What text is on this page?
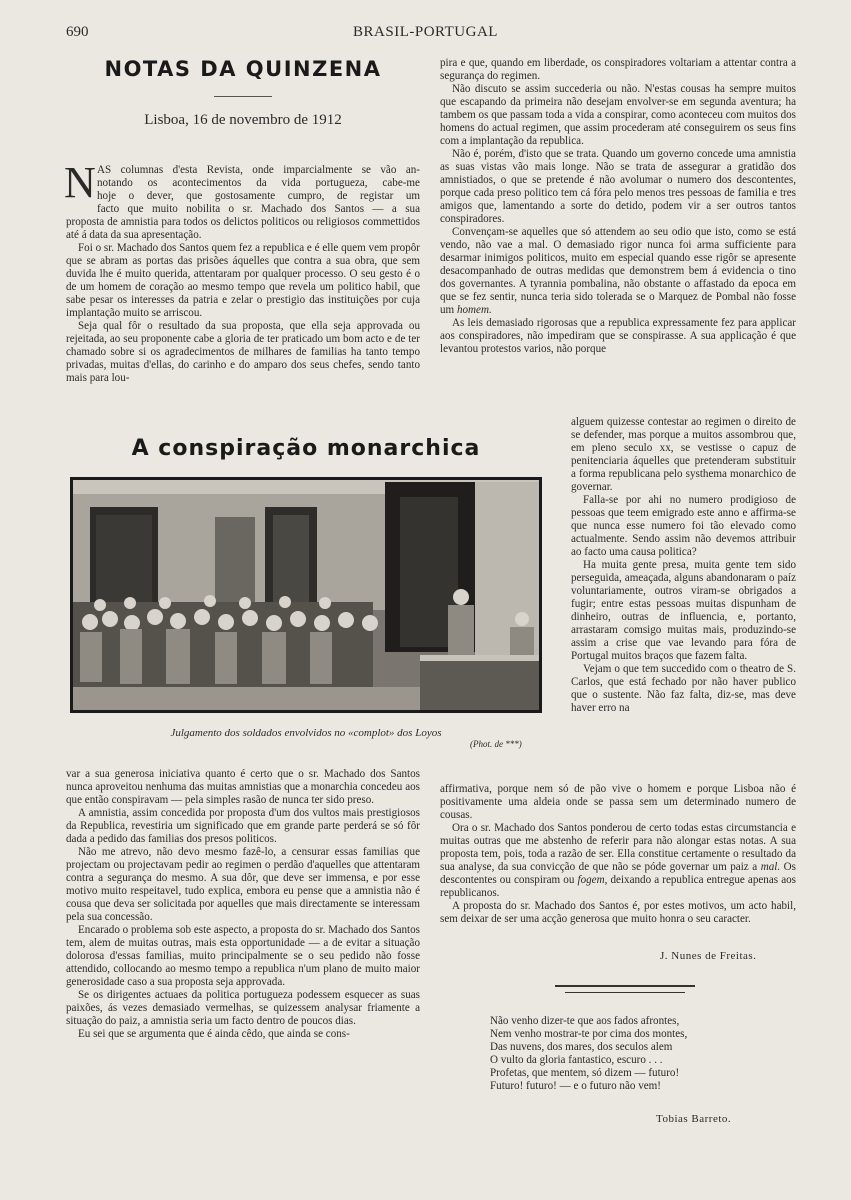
690	BRASIL-PORTUGAL
NOTAS DA QUINZENA
Lisboa, 16 de novembro de 1912
N AS columnas d'esta Revista, onde imparcialmente se vão an-
notando os acontecimentos da vida portugueza, cabe-me
hoje o dever, que gostosamente cumpro, de registar um
facto que muito nobilita o sr. Machado dos Santos — a sua

proposta de amnistia para todos os delictos politicos ou religiosos commettidos até á data da sua apresentação.

Foi o sr. Machado dos Santos quem fez a republica e é elle quem vem propôr que se abram as portas das prisões áquelles que contra a sua obra, que sem duvida lhe é muito querida, attentaram por qualquer processo. O seu gesto é o de um homem de coração ao mesmo tempo que revela um politico habil, que sabe pesar os interesses da patria e zelar o prestigio das instituições por cuja implantação muito se arriscou.

Seja qual fôr o resultado da sua proposta, que ella seja approvada ou rejeitada, ao seu proponente cabe a gloria de ter praticado um bom acto e de ter chamado sobre si os agradecimentos de milhares de familias ha tanto tempo privadas, muitas d'ellas, do carinho e do amparo dos seus chefes, sendo tanto mais para lou-

A conspiração monarchica
Julgamento dos soldados envolvidos no «complot» dos Loyos
(Phot. de ***)

var a sua generosa iniciativa quanto é certo que o sr. Machado dos Santos nunca aproveitou nenhuma das muitas amnistias que a monarchia concedeu aos que então conspiravam — pela simples rasão de nunca ter sido preso.

A amnistia, assim concedida por proposta d'um dos vultos mais prestigiosos da Republica, revestiria um significado que em grande parte perderá se só fôr dada a pedido das familias dos presos politicos.

Não me atrevo, não devo mesmo fazê-lo, a censurar essas familias que projectam ou projectavam pedir ao regimen o perdão d'aquelles que attentaram contra a segurança do mesmo. A sua dôr, que deve ser immensa, e por esse motivo muito respeitavel, tudo explica, embora eu pense que a amnistia não é cousa que deva ser solicitada por aquelles que mais directamente se interessam pela sua concessão.

Encarado o problema sob este aspecto, a proposta do sr. Machado dos Santos tem, alem de muitas outras, mais esta opportunidade — a de evitar a situação dolorosa d'essas familias, muito principalmente se o seu pedido não fosse attendido, collocando ao mesmo tempo a republica n'um plano de muito maior generosidade caso a sua proposta seja approvada.

Se os dirigentes actuaes da politica portugueza podessem esquecer as suas paixões, ás vezes demasiado vermelhas, se quizessem analysar friamente a situação do paiz, a amnistia seria um facto dentro de poucos dias.

Eu sei que se argumenta que é ainda cêdo, que ainda se cons-

pira e que, quando em liberdade, os conspiradores voltariam a attentar contra a segurança do regimen.

Não discuto se assim succederia ou não. N'estas cousas ha sempre muitos que escapando da primeira não desejam envolver-se em segunda aventura; ha tambem os que passam toda a vida a conspirar, como aconteceu com muitos dos homens do actual regimen, que assim procederam até conseguirem os seus fins com a implantação da republica.

Não é, porém, d'isto que se trata. Quando um governo concede uma amnistia as suas vistas vão mais longe. Não se trata de assegurar a gratidão dos amnistiados, o que se pretende é não avolumar o numero dos descontentes, porque cada preso politico tem cá fóra pelo menos tres pessoas de familia e tres amigos que, lamentando a sorte do detido, podem vir a ser outros tantos conspiradores.

Convençam-se aquelles que só attendem ao seu odio que isto, como se está vendo, não vae a mal. O demasiado rigor nunca foi arma sufficiente para desarmar inimigos politicos, muito em especial quando esse rigôr se apresente desacompanhado de outras medidas que demonstrem bem á evidencia o tino dos governantes. A tyrannia pombalina, não obstante o affastado da epoca em que se fez sentir, nunca teria sido tolerada se o Marquez de Pombal não fosse um homem.

As leis demasiado rigorosas que a republica expressamente fez para applicar aos conspiradores, não impediram que se conspirasse. A sua applicação é que levantou protestos varios, não porque

alguem quizesse contestar ao regimen o direito de se defender, mas porque a muitos assombrou que, em pleno seculo xx, se vestisse o capuz de penitenciaria áquelles que pretenderam substituir a forma republicana pelo systhema monarchico de governar.

Falla-se por ahi no numero prodigioso de pessoas que teem emigrado este anno e affirma-se que nunca esse numero foi tão elevado como actualmente. Sendo assim não devemos attribuir ao facto uma causa politica?

Ha muita gente presa, muita gente tem sido perseguida, ameaçada, alguns abandonaram o paíz voluntariamente, outros viram-se obrigados a fugir; entre estas pessoas muitas dispunham de dinheiro, outras de influencia, e, portanto, arrastaram comsigo muitas mais, produzindo-se assim a crise que vae levando para fóra de Portugal muitos braços que fazem falta.

Vejam o que tem succedido com o theatro de S. Carlos, que está fechado por não haver publico que o sustente. Não faz falta, diz-se, mas deve haver erro na

affirmativa, porque nem só de pão vive o homem e porque Lisboa não é positivamente uma aldeia onde se passa sem um determinado numero de cousas.

Ora o sr. Machado dos Santos ponderou de certo todas estas circumstancia e muitas outras que me abstenho de referir para não alongar estas notas. A sua proposta tem, pois, toda a razão de ser. Ella constitue certamente o resultado da sua analyse, da sua convicção de que não se póde governar um paiz a mal. Os descontentes ou conspiram ou fogem, deixando a republica entregue apenas aos republicanos.

A proposta do sr. Machado dos Santos é, por estes motivos, um acto habil, sem deixar de ser uma acção generosa que muito honra o seu caracter.

J. Nunes de Freitas.
Não venho dizer-te que aos fados afrontes,
Nem venho mostrar-te por cima dos montes,
Das nuvens, dos mares, dos seculos alem
O vulto da gloria fantastico, escuro . . .
Profetas, que mentem, só dizem — futuro!
Futuro! futuro! — e o futuro não vem!
Tobias Barreto.
